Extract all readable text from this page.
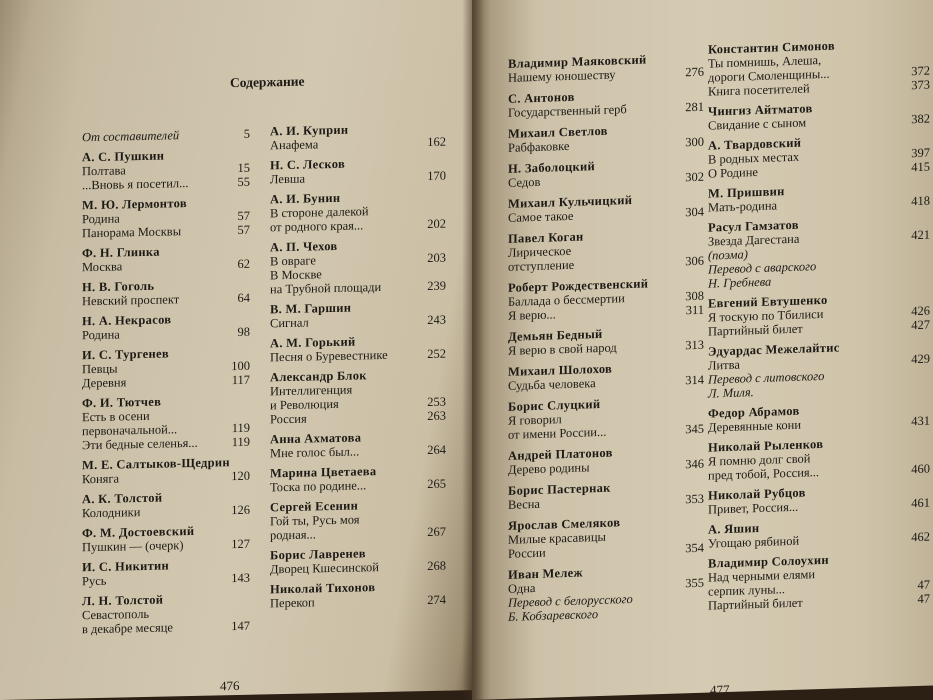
Содержание
От составителей	5
А. С. Пушкин
Полтава	15
...Вновь я посетил...	55
М. Ю. Лермонтов
Родина	57
Панорама Москвы	57
Ф. Н. Глинка
Москва	62
Н. В. Гоголь
Невский проспект	64
Н. А. Некрасов
Родина	98
И. С. Тургенев
Певцы	100
Деревня	117
Ф. И. Тютчев
Есть в осени
первоначальной...	119
Эти бедные селенья...	119
М. Е. Салтыков-Щедрин
Коняга	120
А. К. Толстой
Колодники	126
Ф. М. Достоевский
Пушкин — (очерк)	127
И. С. Никитин
Русь	143
Л. Н. Толстой
Севастополь
в декабре месяце	147
А. И. Куприн
Анафема	162
Н. С. Лесков
Левша	170
А. И. Бунин
В стороне далекой
от родного края...	202
А. П. Чехов
В овраге	203
В Москве
на Трубной площади	239
В. М. Гаршин
Сигнал	243
А. М. Горький
Песня о Буревестнике	252
Александр Блок
Интеллигенция
и Революция	253
Россия	263
Анна Ахматова
Мне голос был...	264
Марина Цветаева
Тоска по родине...	265
Сергей Есенин
Гой ты, Русь моя
родная...	267
Борис Лавренев
Дворец Кшесинской	268
Николай Тихонов
Перекоп	274
476
Владимир Маяковский
Нашему юношеству	276
С. Антонов
Государственный герб	281
Михаил Светлов
Рабфаковке	300
Н. Заболоцкий
Седов	302
Михаил Кульчицкий
Самое такое	304
Павел Коган
Лирическое
отступление	306
Роберт Рождественский
Баллада о бессмертии	308
Я верю...	311
Демьян Бедный
Я верю в свой народ	313
Михаил Шолохов
Судьба человека	314
Борис Слуцкий
Я говорил
от имени России...	345
Андрей Платонов
Дерево родины	346
Борис Пастернак
Весна	353
Ярослав Смеляков
Милые красавицы
России	354
Иван Мележ
Одна	355
Перевод с белорусского
Б. Кобзаревского
Константин Симонов
Ты помнишь, Алеша,
дороги Смоленщины...	372
Книга посетителей	373
Чингиз Айтматов
Свидание с сыном	382
А. Твардовский
В родных местах	397
О Родине	415
М. Пришвин
Мать-родина	418
Расул Гамзатов
Звезда Дагестана	421
(поэма)
Перевод с аварского
Н. Гребнева
Евгений Евтушенко
Я тоскую по Тбилиси	426
Партийный билет	427
Эдуардас Межелайтис
Литва	429
Перевод с литовского
Л. Миля.
Федор Абрамов
Деревянные кони	431
Николай Рыленков
Я помню долг свой
пред тобой, Россия...	460
Николай Рубцов
Привет, Россия...	461
А. Яшин
Угощаю рябиной	462
Владимир Солоухин
Над черными елями
серпик луны...	47
Партийный билет	47
477
